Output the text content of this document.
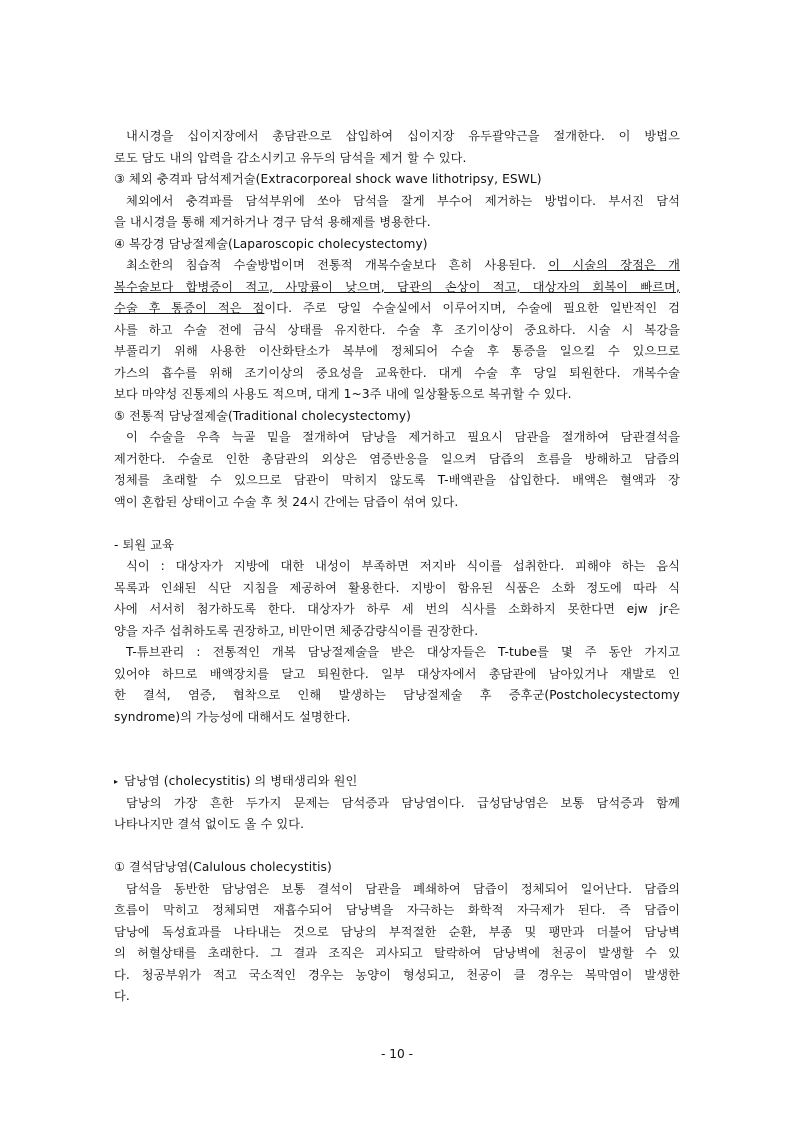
내시경을 십이지장에서 총담관으로 삽입하여 십이지장 유두괄약근을 절개한다. 이 방법으
로도 담도 내의 압력을 감소시키고 유두의 담석을 제거 할 수 있다.
③ 체외 충격파 담석제거술(Extracorporeal shock wave lithotripsy, ESWL)
체외에서 충격파를 담석부위에 쏘아 담석을 잘게 부수어 제거하는 방법이다. 부서진 담석
을 내시경을 통해 제거하거나 경구 담석 용해제를 병용한다.
④ 복강경 담낭절제술(Laparoscopic cholecystectomy)
최소한의 침습적 수술방법이며 전통적 개복수술보다 흔히 사용된다. 이 시술의 장점은 개
복수술보다 합병증이 적고, 사망률이 낮으며, 담관의 손상이 적고, 대상자의 회복이 빠르며,
수술 후 통증이 적은 점이다. 주로 당일 수술실에서 이루어지며, 수술에 필요한 일반적인 검
사를 하고 수술 전에 금식 상태를 유지한다. 수술 후 조기이상이 중요하다. 시술 시 복강을
부풀리기 위해 사용한 이산화탄소가 복부에 정체되어 수술 후 통증을 일으킬 수 있으므로
가스의 흡수를 위해 조기이상의 중요성을 교육한다. 대게 수술 후 당일 퇴원한다. 개복수술
보다 마약성 진통제의 사용도 적으며, 대게 1~3주 내에 일상활동으로 복귀할 수 있다.
⑤ 전통적 담낭절제술(Traditional cholecystectomy)
이 수술을 우측 늑골 밑을 절개하여 담낭을 제거하고 필요시 담관을 절개하여 담관결석을
제거한다. 수술로 인한 총담관의 외상은 염증반응을 일으켜 담즙의 흐름을 방해하고 담즙의
정체를 초래할 수 있으므로 담관이 막히지 않도록 T-배액관을 삽입한다. 배액은 혈액과 장
액이 혼합된 상태이고 수술 후 첫 24시 간에는 담즙이 섞여 있다.
- 퇴원 교육
식이 : 대상자가 지방에 대한 내성이 부족하면 저지바 식이를 섭취한다. 피해야 하는 음식
목록과 인쇄된 식단 지침을 제공하여 활용한다. 지방이 함유된 식품은 소화 정도에 따라 식
사에 서서히 첨가하도록 한다. 대상자가 하루 세 번의 식사를 소화하지 못한다면 ejw jr은
양을 자주 섭취하도록 권장하고, 비만이면 체중감량식이를 권장한다.
T-튜브관리 : 전통적인 개복 담낭절제술을 받은 대상자들은 T-tube를 몇 주 동안 가지고
있어야 하므로 배액장치를 달고 퇴원한다. 일부 대상자에서 총담관에 남아있거나 재발로 인
한 결석, 염증, 협착으로 인해 발생하는 담낭절제술 후 증후군(Postcholecystectomy
syndrome)의 가능성에 대해서도 설명한다.
▸ 담낭염 (cholecystitis) 의 병태생리와 원인
담낭의 가장 흔한 두가지 문제는 담석증과 담낭염이다. 급성담낭염은 보통 담석증과 함께
나타나지만 결석 없이도 올 수 있다.
① 결석담낭염(Calulous cholecystitis)
담석을 동반한 담낭염은 보통 결석이 담관을 폐쇄하여 담즙이 정체되어 일어난다. 담즙의
흐름이 막히고 정체되면 재흡수되어 담낭벽을 자극하는 화학적 자극제가 된다. 즉 담즙이
담낭에 독성효과를 나타내는 것으로 담낭의 부적절한 순환, 부종 및 팽만과 더불어 담낭벽
의 허혈상태를 초래한다. 그 결과 조직은 괴사되고 탈락하여 담낭벽에 천공이 발생할 수 있
다. 청공부위가 적고 국소적인 경우는 농양이 형성되고, 천공이 클 경우는 복막염이 발생한
다.
- 10 -
